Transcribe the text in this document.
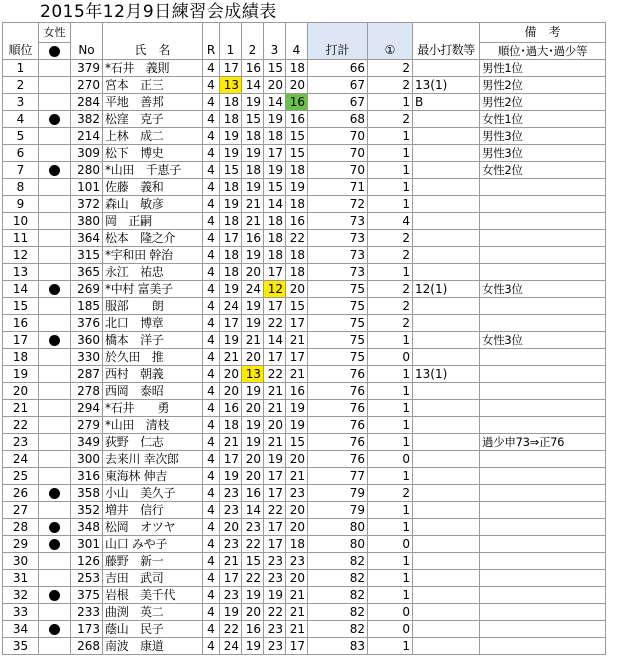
2015年12月9日練習会成績表
順位	女性	No	氏　名	R	1	2	3	4	打計	①	最小打数等	備　考
												順位･過大･過少等
1		379	*石井　義則	4	17	16	15	18	66	2		男性1位
2		270	宮本　正三	4	13	14	20	20	67	2	13(1)	男性2位
3		284	平地　善邦	4	18	19	14	16	67	1	B	男性2位
4		382	松窪　克子	4	18	15	19	16	68	2		女性1位
5		214	上林　成二	4	19	18	18	15	70	1		男性3位
6		309	松下　博史	4	19	19	17	15	70	1		男性3位
7		280	*山田　千恵子	4	15	18	19	18	70	1		女性2位
8		101	佐藤　義和	4	18	19	15	19	71	1		
9		372	森山　敏彦	4	19	21	14	18	72	1		
10		380	岡　正嗣	4	18	21	18	16	73	4		
11		364	松本　隆之介	4	17	16	18	22	73	2		
12		315	*宇和田 幹治	4	18	19	18	18	73	2		
13		365	永江　祐忠	4	18	20	17	18	73	1		
14		269	*中村 富美子	4	19	24	12	20	75	2	12(1)	女性3位
15		185	服部　　朗	4	24	19	17	15	75	2		
16		376	北口　博章	4	17	19	22	17	75	2		
17		360	橋本　洋子	4	19	21	14	21	75	1		女性3位
18		330	於久田　推	4	21	20	17	17	75	0		
19		287	西村　朝義	4	20	13	22	21	76	1	13(1)	
20		278	西岡　泰昭	4	20	19	21	16	76	1		
21		294	*石井　　勇	4	16	20	21	19	76	1		
22		279	*山田　清枝	4	18	19	20	19	76	1		
23		349	荻野　仁志	4	21	19	21	15	76	1		過少申73⇒正76
24		300	去来川 幸次郎	4	17	20	19	20	76	0		
25		316	東海林 伸吉	4	19	20	17	21	77	1		
26		358	小山　美久子	4	23	16	17	23	79	2		
27		352	増井　信行	4	23	14	22	20	79	1		
28		348	松岡　オツヤ	4	20	23	17	20	80	1		
29		301	山口 みや子	4	23	22	17	18	80	0		
30		126	藤野　新一	4	21	15	23	23	82	1		
31		253	吉田　武司	4	17	22	23	20	82	1		
32		375	岩根　美千代	4	23	19	19	21	82	1		
33		233	曲渕　英二	4	19	20	22	21	82	0		
34		173	蔭山　民子	4	22	16	23	21	82	0		
35		268	南波　康道	4	24	19	23	17	83	1		
